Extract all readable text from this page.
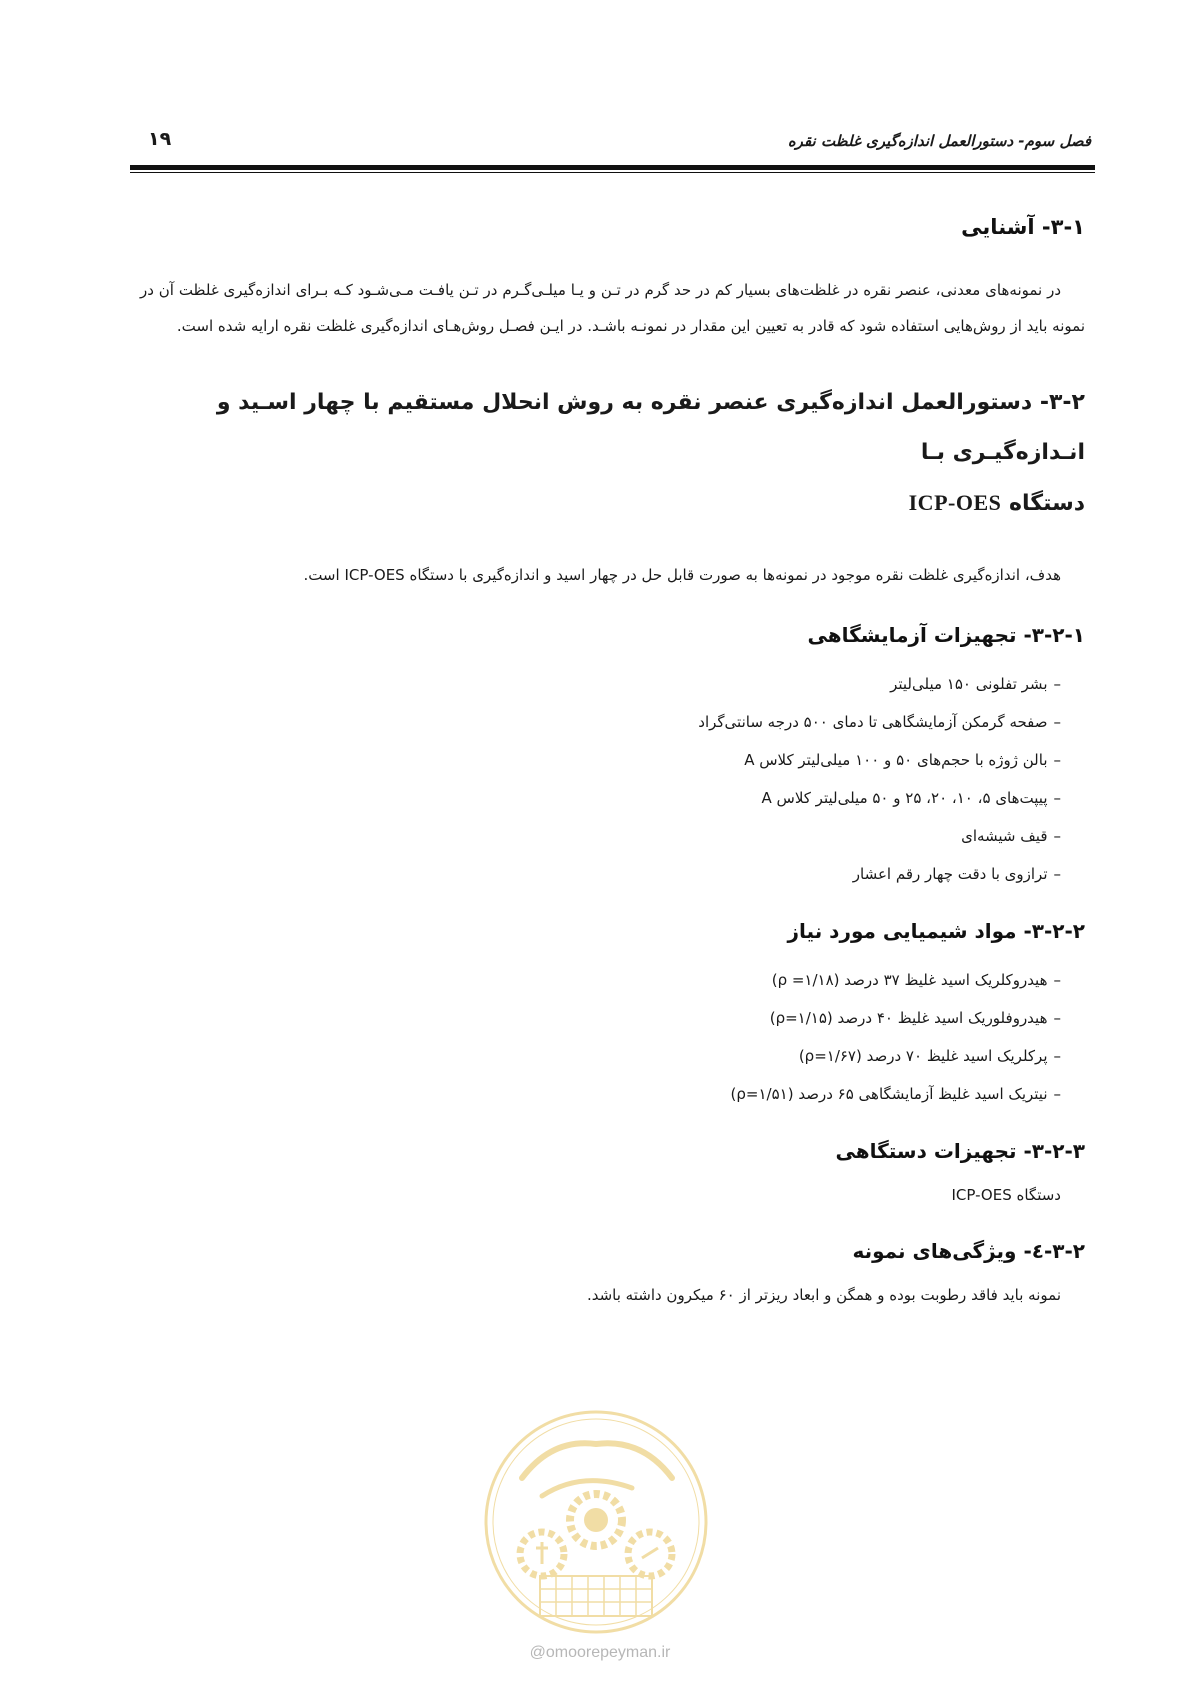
فصل سوم- دستورالعمل اندازه‌گیری غلظت نقره
۱۹
۳-۱- آشنایی

در نمونه‌های معدنی، عنصر نقره در غلظت‌های بسیار کم در حد گرم در تـن و یـا میلـی‌گـرم در تـن یافـت مـی‌شـود کـه بـرای اندازه‌گیری غلظت آن در نمونه باید از روش‌هایی استفاده شود که قادر به تعیین این مقدار در نمونـه باشـد. در ایـن فصـل روش‌هـای اندازه‌گیری غلظت نقره ارایه شده است.

۳-۲- دستورالعمل اندازه‌گیری عنصر نقره به روش انحلال مستقیم با چهار اسـید و انـدازه‌گیـری بـا
دستگاه ICP-OES

هدف، اندازه‌گیری غلظت نقره موجود در نمونه‌ها به صورت قابل حل در چهار اسید و اندازه‌گیری با دستگاه ICP-OES است.

۳-۲-۱- تجهیزات آزمایشگاهی
–بشر تفلونی ۱۵۰ میلی‌لیتر
–صفحه گرمکن آزمایشگاهی تا دمای ۵۰۰ درجه سانتی‌گراد
–بالن ژوژه با حجم‌های ۵۰ و ۱۰۰ میلی‌لیتر کلاس A
–پیپت‌های ۵، ۱۰، ۲۰، ۲۵ و ۵۰ میلی‌لیتر کلاس A
–قیف شیشه‌ای
–ترازوی با دقت چهار رقم اعشار
۳-۲-۲- مواد شیمیایی مورد نیاز
–هیدروکلریک اسید غلیظ ۳۷ درصد (ρ =۱/۱۸)
–هیدروفلوریک اسید غلیظ ۴۰ درصد (ρ=۱/۱۵)
–پرکلریک اسید غلیظ ۷۰ درصد (ρ=۱/۶۷)
–نیتریک اسید غلیظ آزمایشگاهی ۶۵ درصد (ρ=۱/۵۱)
۳-۲-۳- تجهیزات دستگاهی

دستگاه ICP-OES

۳-۲-٤- ویژگی‌های نمونه

نمونه باید فاقد رطوبت بوده و همگن و ابعاد ریزتر از ۶۰ میکرون داشته باشد.

@omoorepeyman.ir
